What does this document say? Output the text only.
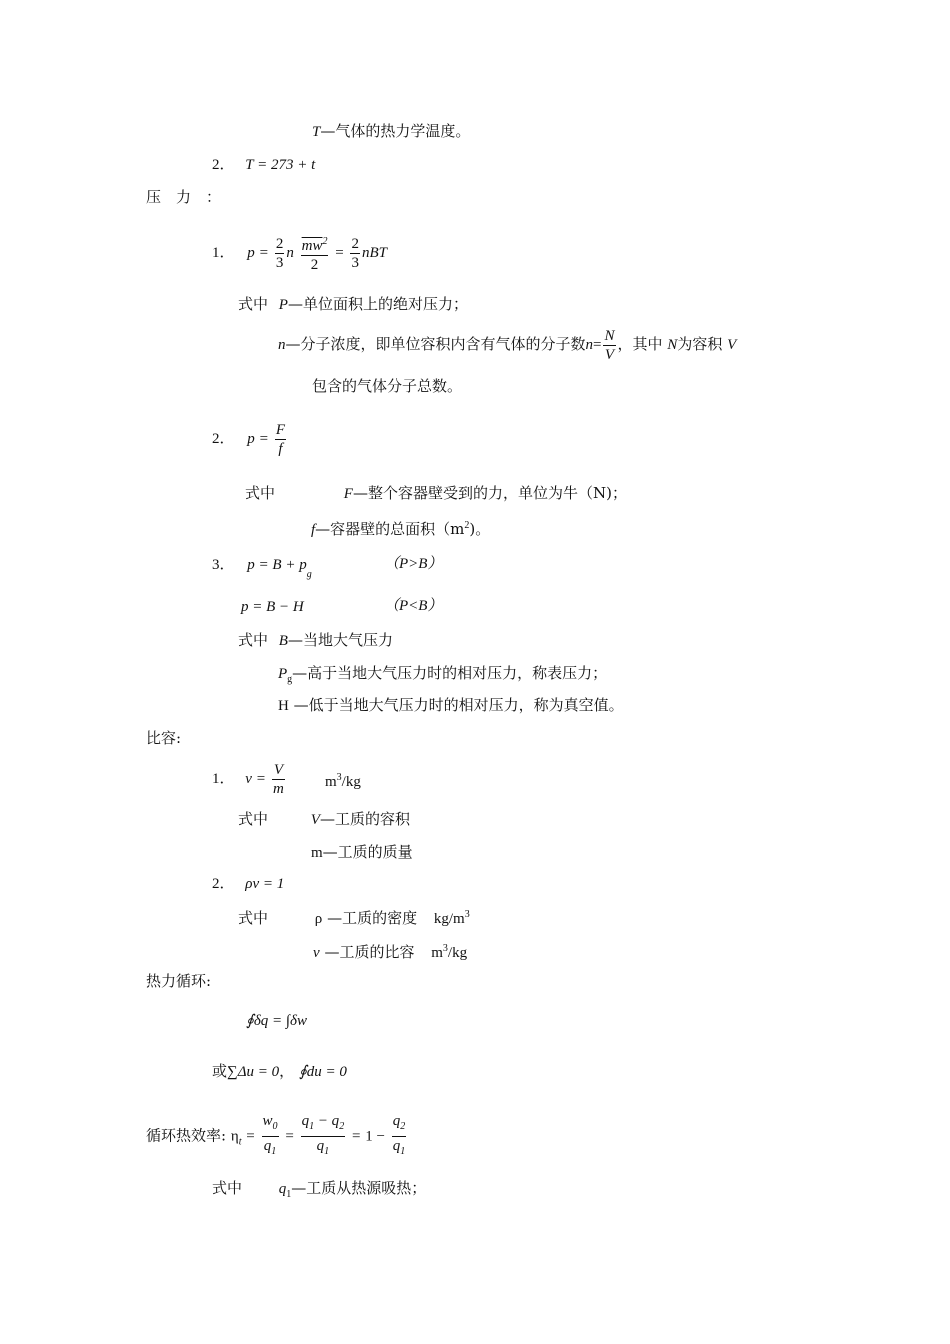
T—气体的热力学温度。
2． T = 273 + t
压　力　：
1． $p = \frac{2}{3}$ n $\frac{\overline{mw}^2}{2} = \frac{2}{3}$ nBT
式中 P—单位面积上的绝对压力；
n—分子浓度，即单位容积内含有气体的分子数$n= \frac{N}{V}$ ，其中 N为容积 V
包含的气体分子总数。
2． $p = \frac{F}{f}$
式中	F—整个容器壁受到的力，单位为牛（N)；
f—容器壁的总面积$(m^2)$。
3． $p = B + p_g$
（P>B）
p = B − H	（P<B）
式中 B—当地大气压力
$P_g—$高于当地大气压力时的相对压力，称表压力；
H —低于当地大气压力时的相对压力，称为真空值。
比容:
1． $v = \frac{V}{m}$	$m^3/kg$
式中	V—工质的容积
m—工质的质量
2． ρv = 1
式中	ρ —工质的密度 $kg/m^3$
v —工质的比容 $m^3/kg$
热力循环:
∮δq = ∫δw
或∑Δu = 0， ∮du = 0
循环热效率: $\eta_t = \frac{w_0}{q_1} = \frac{q_1 - q_2}{q_1} = 1 - \frac{q_2}{q_1}$
式中 $q_1—$工质从热源吸热；
